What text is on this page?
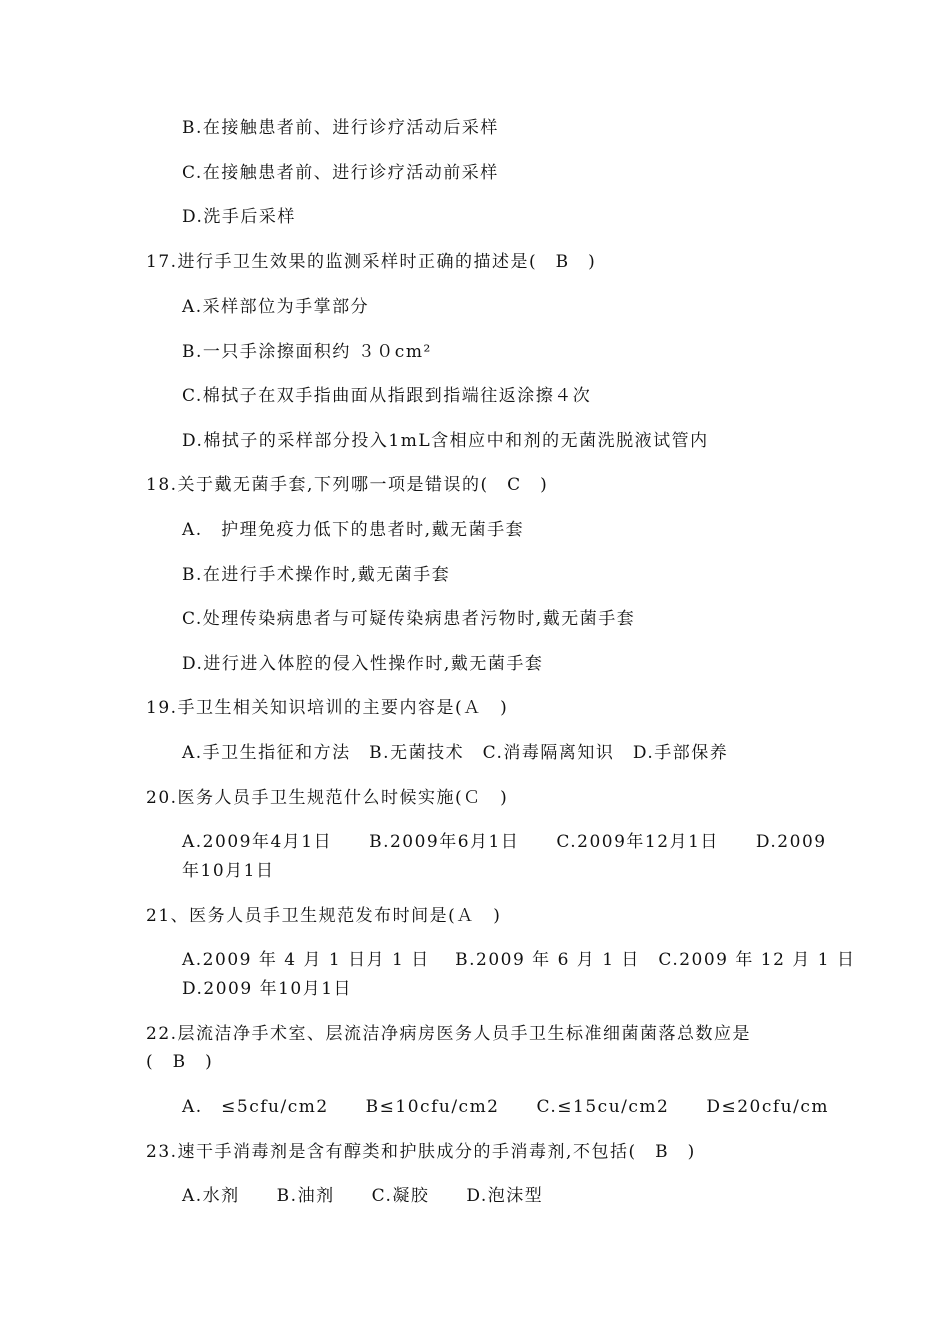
B.在接触患者前、进行诊疗活动后采样
C.在接触患者前、进行诊疗活动前采样
D.洗手后采样
17.进行手卫生效果的监测采样时正确的描述是(　B　)
A.采样部位为手掌部分
B.一只手涂擦面积约 ３０cm²
C.棉拭子在双手指曲面从指跟到指端往返涂擦４次
D.棉拭子的采样部分投入1mL含相应中和剂的无菌洗脱液试管内
18.关于戴无菌手套,下列哪一项是错误的(　C　)
A.　护理免疫力低下的患者时,戴无菌手套
B.在进行手术操作时,戴无菌手套
C.处理传染病患者与可疑传染病患者污物时,戴无菌手套
D.进行进入体腔的侵入性操作时,戴无菌手套
19.手卫生相关知识培训的主要内容是(Ａ　)
A.手卫生指征和方法　B.无菌技术　C.消毒隔离知识　D.手部保养
20.医务人员手卫生规范什么时候实施(Ｃ　)
A.2009年4月1日　　B.2009年6月1日　　C.2009年12月1日　　D.2009
年10月1日
21、医务人员手卫生规范发布时间是(Ａ　)
A.2009 年 4 月 1 日月 1 日　 B.2009 年 6 月 1 日　C.2009 年 12 月 1 日
D.2009 年10月1日
22.层流洁净手术室、层流洁净病房医务人员手卫生标准细菌菌落总数应是
(　B　)
A.　≤5cfu/cm2　　B≤10cfu/cm2　　C.≤15cu/cm2　　D≤20cfu/cm
23.速干手消毒剂是含有醇类和护肤成分的手消毒剂,不包括(　B　)
A.水剂　　B.油剂　　C.凝胶　　D.泡沫型
